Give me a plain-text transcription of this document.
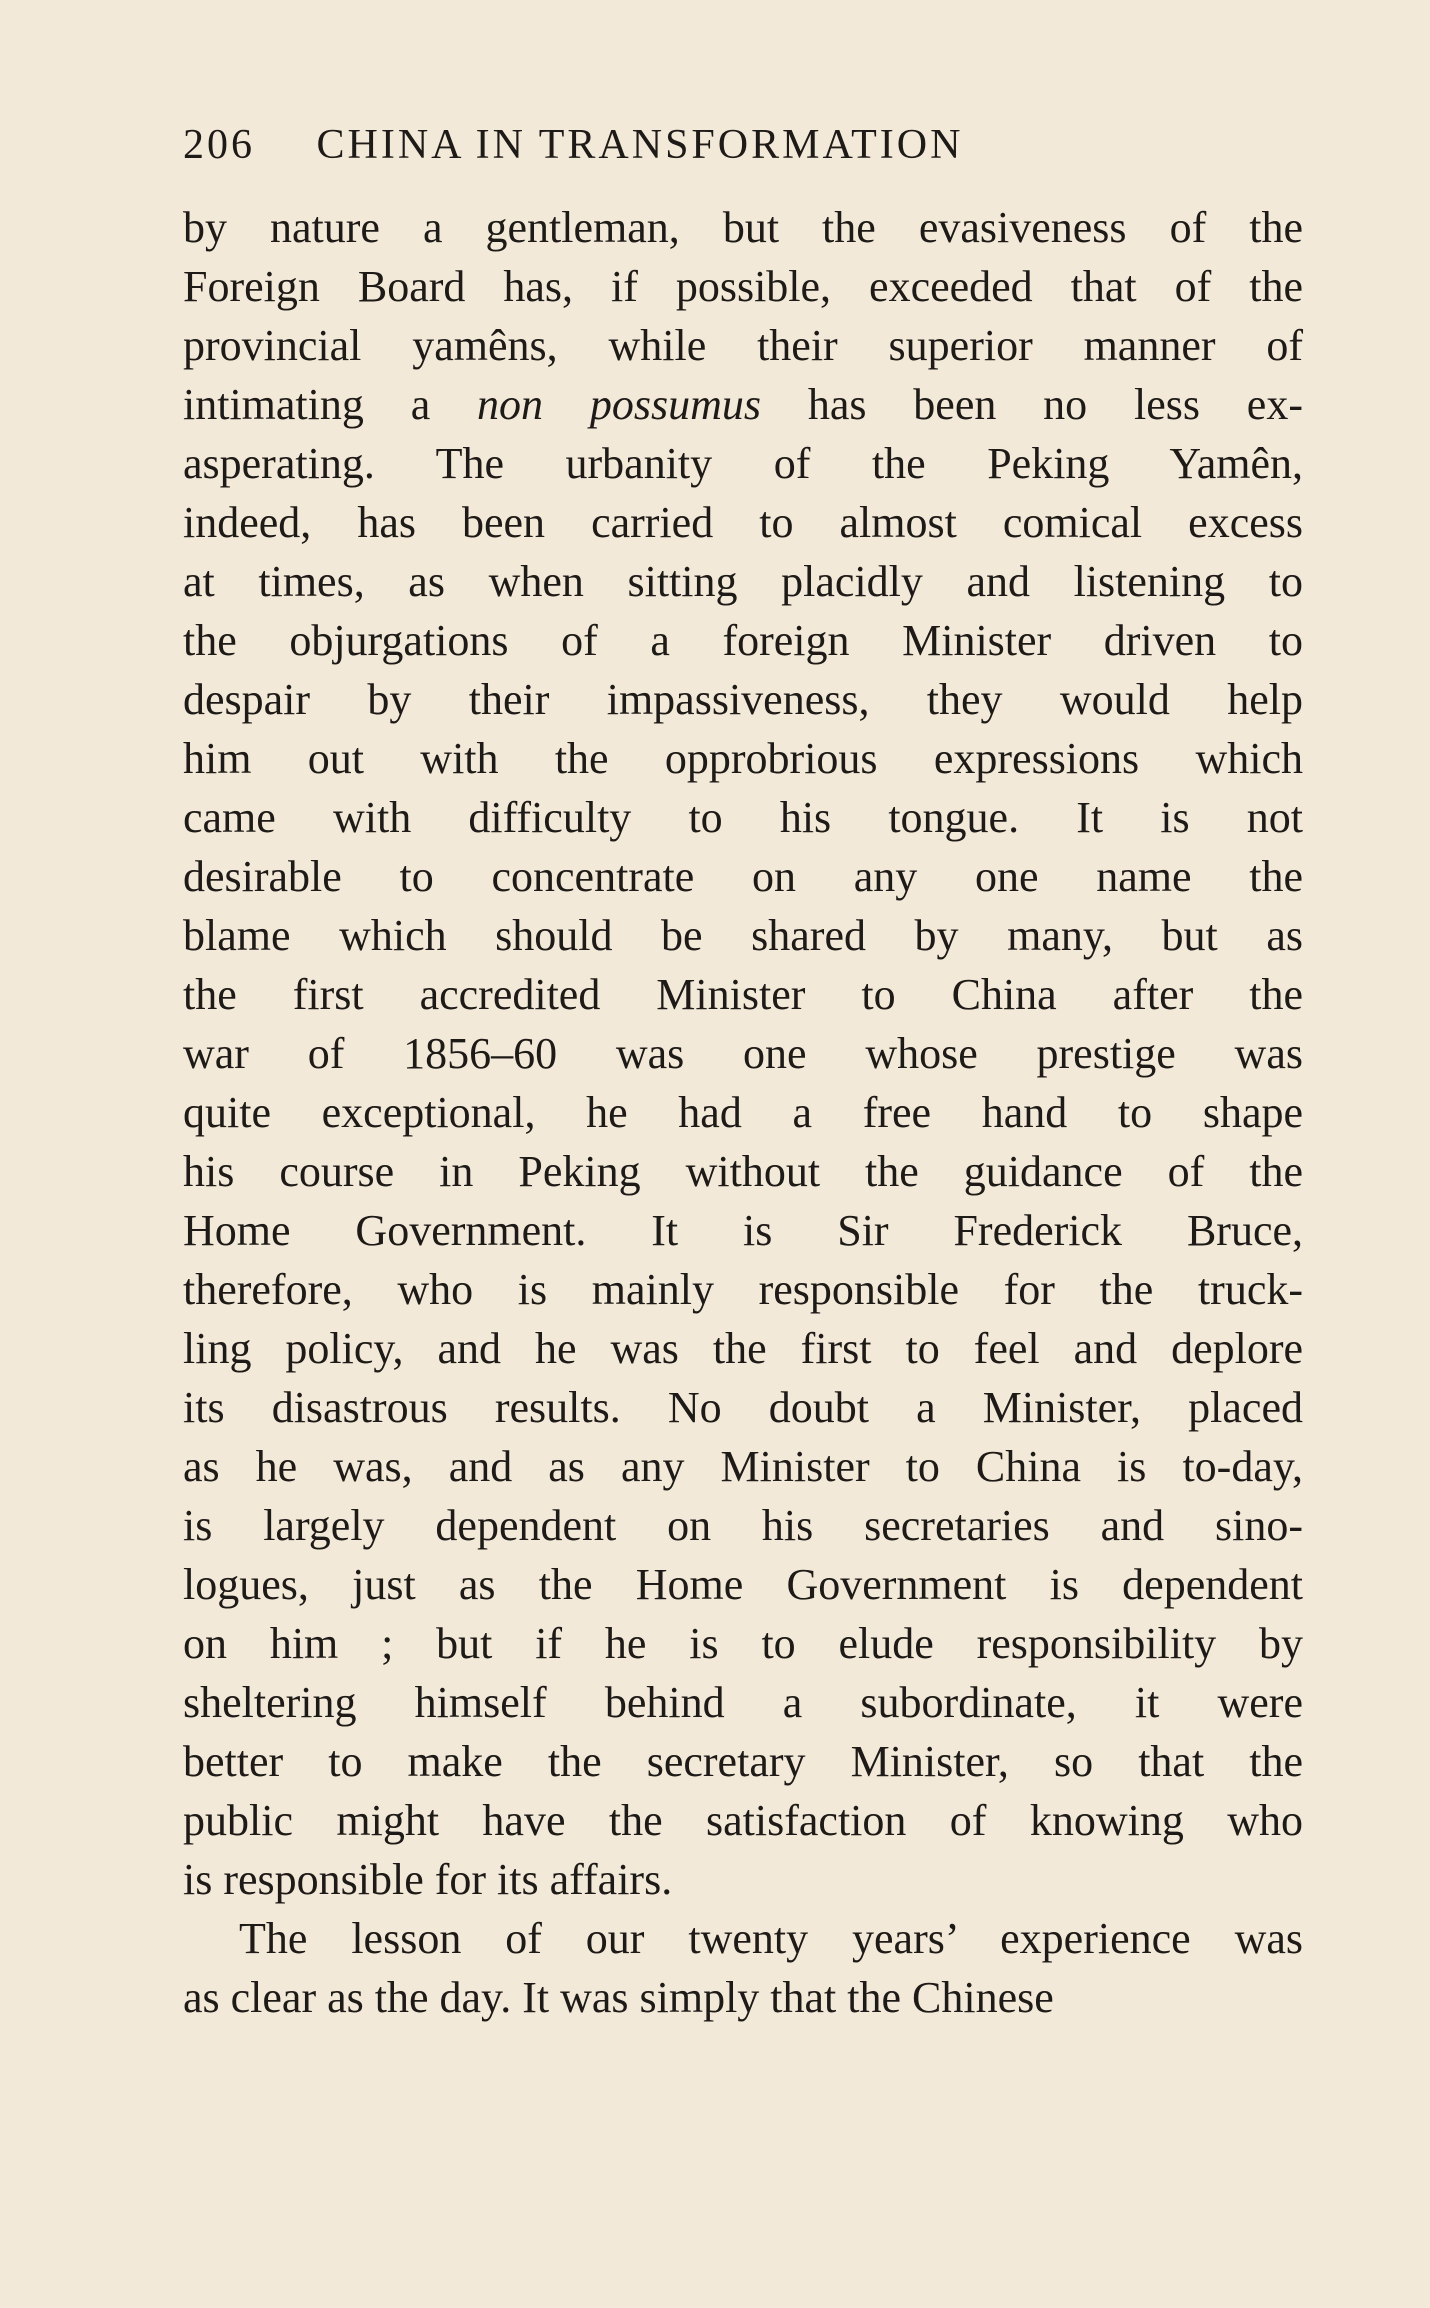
206 CHINA IN TRANSFORMATION
by nature a gentleman, but the evasiveness of the
Foreign Board has, if possible, exceeded that of the
provincial yamêns, while their superior manner of
intimating a non possumus has been no less ex-
asperating. The urbanity of the Peking Yamên,
indeed, has been carried to almost comical excess
at times, as when sitting placidly and listening to
the objurgations of a foreign Minister driven to
despair by their impassiveness, they would help
him out with the opprobrious expressions which
came with difficulty to his tongue. It is not
desirable to concentrate on any one name the
blame which should be shared by many, but as
the first accredited Minister to China after the
war of 1856–60 was one whose prestige was
quite exceptional, he had a free hand to shape
his course in Peking without the guidance of the
Home Government. It is Sir Frederick Bruce,
therefore, who is mainly responsible for the truck-
ling policy, and he was the first to feel and deplore
its disastrous results. No doubt a Minister, placed
as he was, and as any Minister to China is to-day,
is largely dependent on his secretaries and sino-
logues, just as the Home Government is dependent
on him ; but if he is to elude responsibility by
sheltering himself behind a subordinate, it were
better to make the secretary Minister, so that the
public might have the satisfaction of knowing who
is responsible for its affairs.
The lesson of our twenty years’ experience was
as clear as the day. It was simply that the Chinese
